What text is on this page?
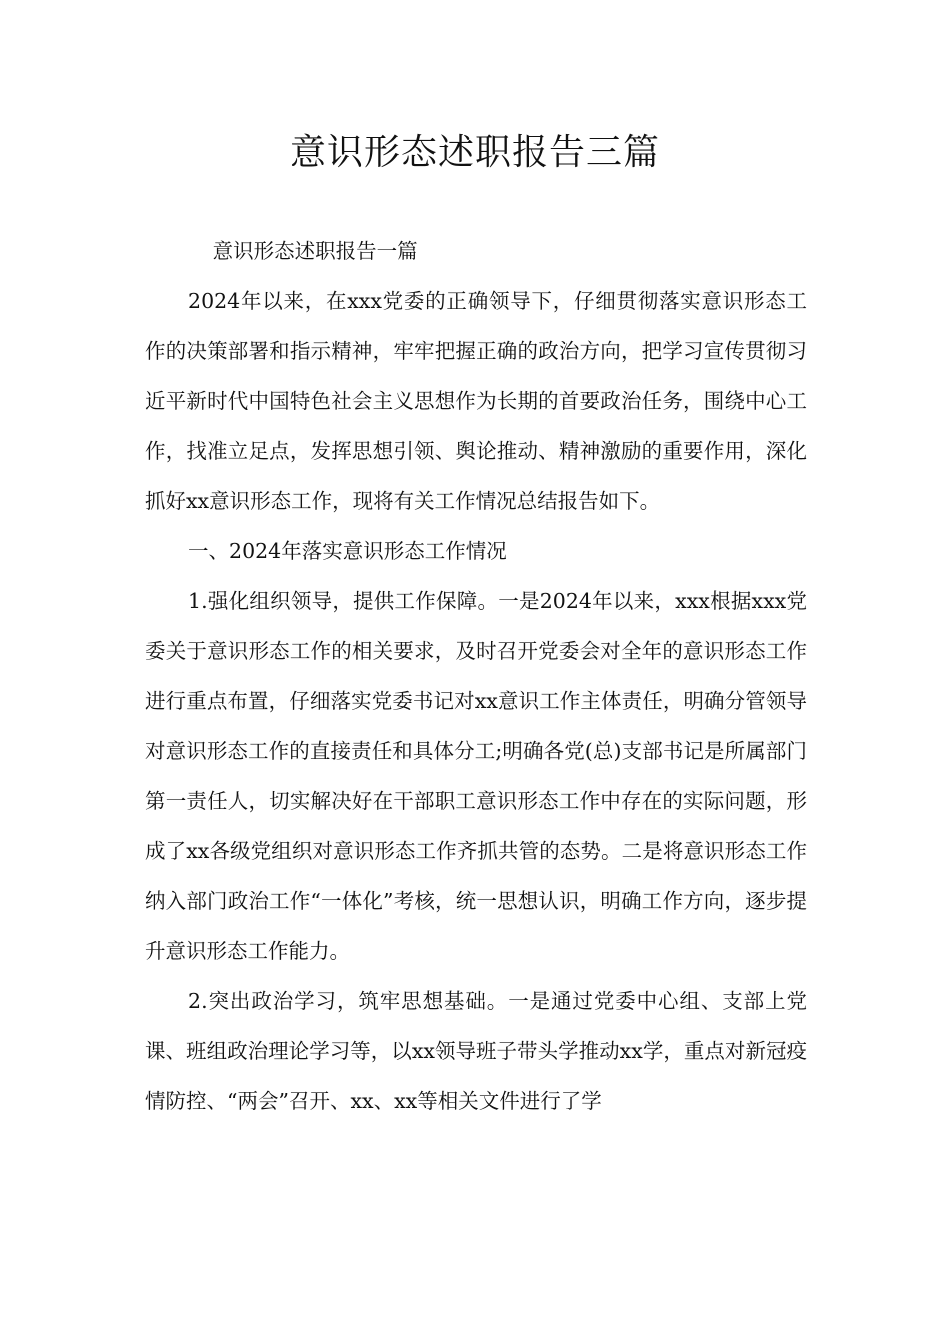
意识形态述职报告三篇

意识形态述职报告一篇

2024年以来，在xxx党委的正确领导下，仔细贯彻落实意识形态工作的决策部署和指示精神，牢牢把握正确的政治方向，把学习宣传贯彻习近平新时代中国特色社会主义思想作为长期的首要政治任务，围绕中心工作，找准立足点，发挥思想引领、舆论推动、精神激励的重要作用，深化抓好xx意识形态工作，现将有关工作情况总结报告如下。

一、2024年落实意识形态工作情况

1.强化组织领导，提供工作保障。一是2024年以来，xxx根据xxx党委关于意识形态工作的相关要求，及时召开党委会对全年的意识形态工作进行重点布置，仔细落实党委书记对xx意识工作主体责任，明确分管领导对意识形态工作的直接责任和具体分工;明确各党(总)支部书记是所属部门第一责任人，切实解决好在干部职工意识形态工作中存在的实际问题，形成了xx各级党组织对意识形态工作齐抓共管的态势。二是将意识形态工作纳入部门政治工作“一体化”考核，统一思想认识，明确工作方向，逐步提升意识形态工作能力。

2.突出政治学习，筑牢思想基础。一是通过党委中心组、支部上党课、班组政治理论学习等，以xx领导班子带头学推动xx学，重点对新冠疫情防控、“两会”召开、xx、xx等相关文件进行了学
